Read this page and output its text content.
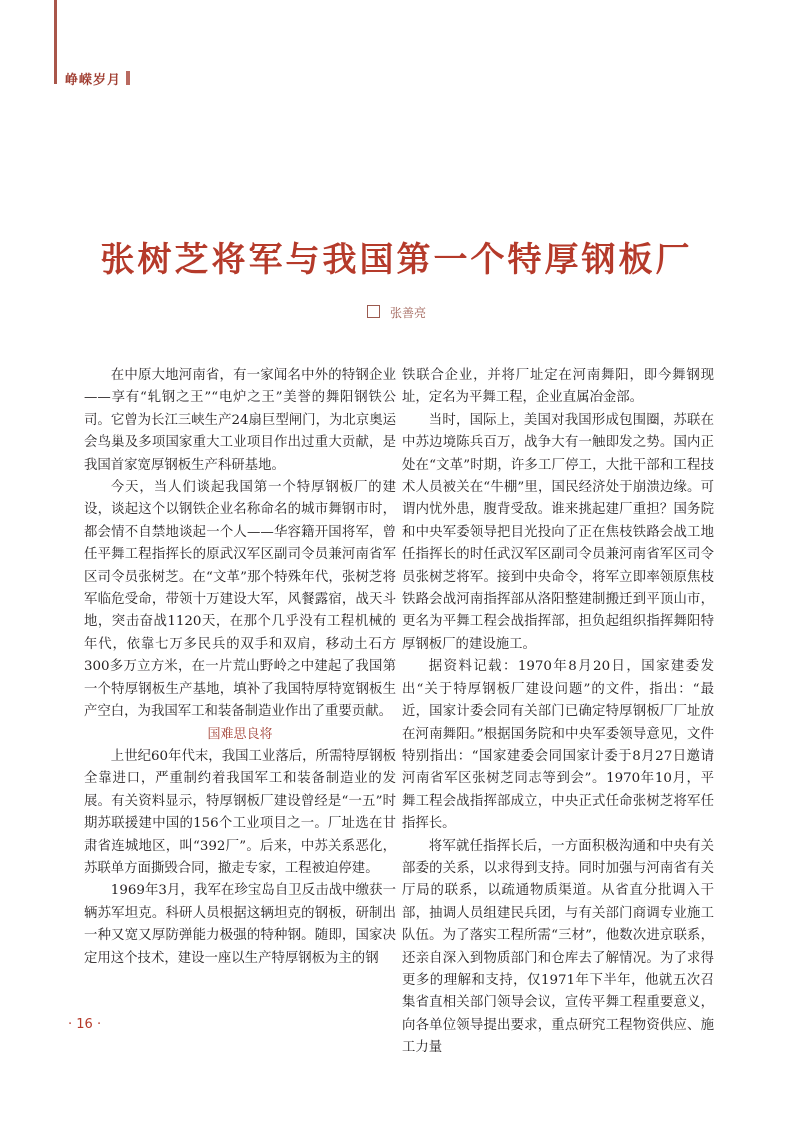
峥嵘岁月
张树芝将军与我国第一个特厚钢板厂
张善亮

在中原大地河南省，有一家闻名中外的特钢企业——享有“轧钢之王”“电炉之王”美誉的舞阳钢铁公司。它曾为长江三峡生产24扇巨型闸门，为北京奥运会鸟巢及多项国家重大工业项目作出过重大贡献，是我国首家宽厚钢板生产科研基地。

今天，当人们谈起我国第一个特厚钢板厂的建设，谈起这个以钢铁企业名称命名的城市舞钢市时，都会情不自禁地谈起一个人——华容籍开国将军，曾任平舞工程指挥长的原武汉军区副司令员兼河南省军区司令员张树芝。在“文革”那个特殊年代，张树芝将军临危受命，带领十万建设大军，风餐露宿，战天斗地，突击奋战1120天，在那个几乎没有工程机械的年代，依靠七万多民兵的双手和双肩，移动土石方300多万立方米，在一片荒山野岭之中建起了我国第一个特厚钢板生产基地，填补了我国特厚特宽钢板生产空白，为我国军工和装备制造业作出了重要贡献。

国难思良将

上世纪60年代末，我国工业落后，所需特厚钢板全靠进口，严重制约着我国军工和装备制造业的发展。有关资料显示，特厚钢板厂建设曾经是“一五”时期苏联援建中国的156个工业项目之一。厂址选在甘肃省连城地区，叫“392厂”。后来，中苏关系恶化，苏联单方面撕毁合同，撤走专家，工程被迫停建。

1969年3月，我军在珍宝岛自卫反击战中缴获一辆苏军坦克。科研人员根据这辆坦克的钢板，研制出一种又宽又厚防弹能力极强的特种钢。随即，国家决定用这个技术，建设一座以生产特厚钢板为主的钢

铁联合企业，并将厂址定在河南舞阳，即今舞钢现址，定名为平舞工程，企业直属冶金部。

当时，国际上，美国对我国形成包围圈，苏联在中苏边境陈兵百万，战争大有一触即发之势。国内正处在“文革”时期，许多工厂停工，大批干部和工程技术人员被关在“牛棚”里，国民经济处于崩溃边缘。可谓内忧外患，腹背受敌。谁来挑起建厂重担？国务院和中央军委领导把目光投向了正在焦枝铁路会战工地任指挥长的时任武汉军区副司令员兼河南省军区司令员张树芝将军。接到中央命令，将军立即率领原焦枝铁路会战河南指挥部从洛阳整建制搬迁到平顶山市，更名为平舞工程会战指挥部，担负起组织指挥舞阳特厚钢板厂的建设施工。

据资料记载：1970年8月20日，国家建委发出“关于特厚钢板厂建设问题”的文件，指出：“最近，国家计委会同有关部门已确定特厚钢板厂厂址放在河南舞阳。”根据国务院和中央军委领导意见，文件特别指出：“国家建委会同国家计委于8月27日邀请河南省军区张树芝同志等到会”。1970年10月，平舞工程会战指挥部成立，中央正式任命张树芝将军任指挥长。

将军就任指挥长后，一方面积极沟通和中央有关部委的关系，以求得到支持。同时加强与河南省有关厅局的联系，以疏通物质渠道。从省直分批调入干部，抽调人员组建民兵团，与有关部门商调专业施工队伍。为了落实工程所需“三材”，他数次进京联系，还亲自深入到物质部门和仓库去了解情况。为了求得更多的理解和支持，仅1971年下半年，他就五次召集省直相关部门领导会议，宣传平舞工程重要意义，向各单位领导提出要求，重点研究工程物资供应、施工力量

· 16 ·
